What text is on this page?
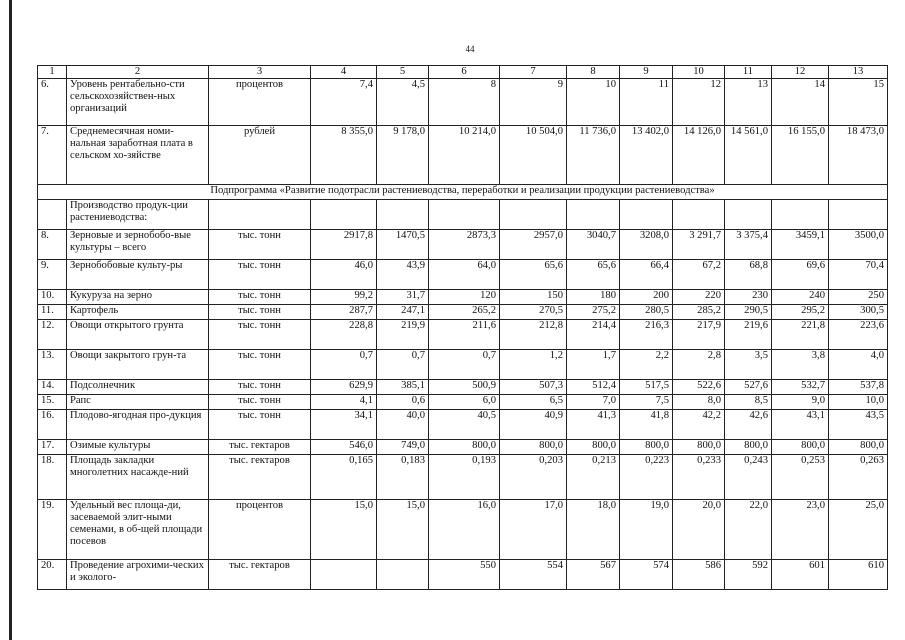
44
1	2	3	4	5	6	7	8	9	10	11	12	13
6.	Уровень рентабельно-сти сельскохозяйствен-ных организаций	процентов	7,4	4,5	8	9	10	11	12	13	14	15
7.	Среднемесячная номи-нальная заработная плата в сельском хо-зяйстве	рублей	8 355,0	9 178,0	10 214,0	10 504,0	11 736,0	13 402,0	14 126,0	14 561,0	16 155,0	18 473,0
Подпрограмма «Развитие подотрасли растениеводства, переработки и реализации продукции растениеводства»												
	Производство продук-ции растениеводства:											
8.	Зерновые и зернобобо-вые культуры – всего	тыс. тонн	2917,8	1470,5	2873,3	2957,0	3040,7	3208,0	3 291,7	3 375,4	3459,1	3500,0
9.	Зернобобовые культу-ры	тыс. тонн	46,0	43,9	64,0	65,6	65,6	66,4	67,2	68,8	69,6	70,4
10.	Кукуруза на зерно	тыс. тонн	99,2	31,7	120	150	180	200	220	230	240	250
11.	Картофель	тыс. тонн	287,7	247,1	265,2	270,5	275,2	280,5	285,2	290,5	295,2	300,5
12.	Овощи открытого грунта	тыс. тонн	228,8	219,9	211,6	212,8	214,4	216,3	217,9	219,6	221,8	223,6
13.	Овощи закрытого грун-та	тыс. тонн	0,7	0,7	0,7	1,2	1,7	2,2	2,8	3,5	3,8	4,0
14.	Подсолнечник	тыс. тонн	629,9	385,1	500,9	507,3	512,4	517,5	522,6	527,6	532,7	537,8
15.	Рапс	тыс. тонн	4,1	0,6	6,0	6,5	7,0	7,5	8,0	8,5	9,0	10,0
16.	Плодово-ягодная про-дукция	тыс. тонн	34,1	40,0	40,5	40,9	41,3	41,8	42,2	42,6	43,1	43,5
17.	Озимые культуры	тыс. гектаров	546,0	749,0	800,0	800,0	800,0	800,0	800,0	800,0	800,0	800,0
18.	Площадь закладки многолетних насажде-ний	тыс. гектаров	0,165	0,183	0,193	0,203	0,213	0,223	0,233	0,243	0,253	0,263
19.	Удельный вес площа-ди, засеваемой элит-ными семенами, в об-щей площади посевов	процентов	15,0	15,0	16,0	17,0	18,0	19,0	20,0	22,0	23,0	25,0
20.	Проведение агрохими-ческих и эколого-	тыс. гектаров			550	554	567	574	586	592	601	610
